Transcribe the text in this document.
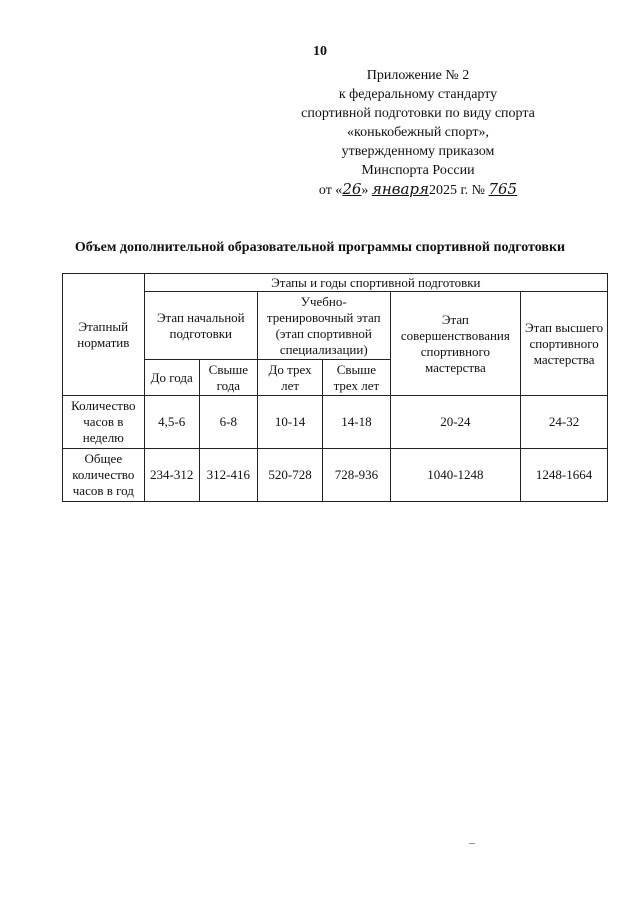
10
Приложение № 2
к федеральному стандарту
спортивной подготовки по виду спорта
«конькобежный спорт»,
утвержденному приказом
Минспорта России
от «26» января2025 г. № 765
Объем дополнительной образовательной программы спортивной подготовки
Этапный норматив	Этапы и годы спортивной подготовки					
	Этап начальной подготовки		Учебно-тренировочный этап (этап спортивной специализации)		Этап совершенствования спортивного мастерства	Этап высшего спортивного мастерства
	До года	Свыше года	До трех лет	Свыше трех лет		
Количество часов в неделю	4,5-6	6-8	10-14	14-18	20-24	24-32
Общее количество часов в год	234-312	312-416	520-728	728-936	1040-1248	1248-1664
